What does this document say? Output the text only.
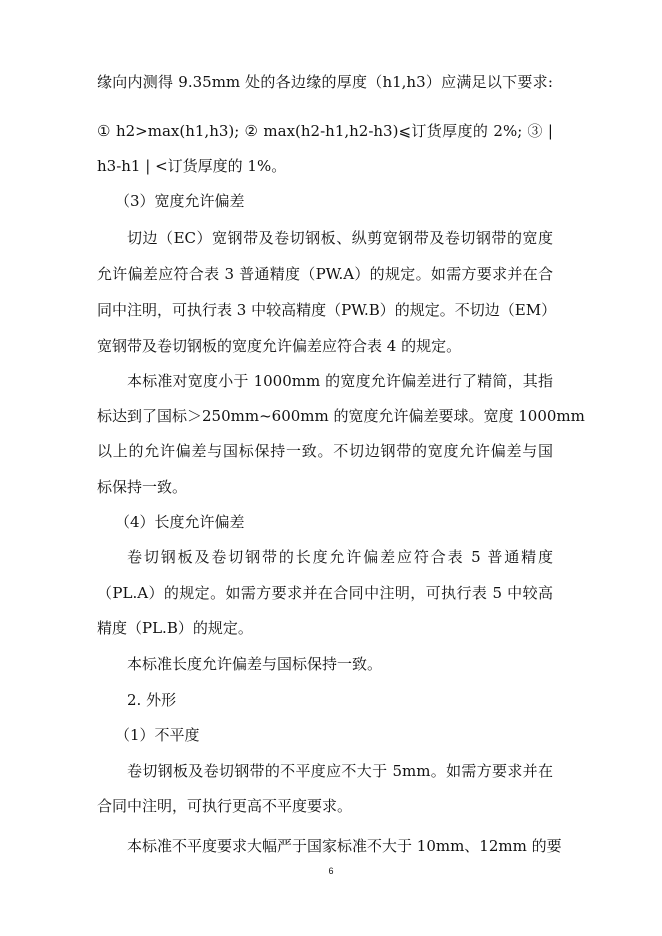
缘向内测得 9.35mm 处的各边缘的厚度（h1,h3）应满足以下要求:
① h2>max(h1,h3); ② max(h2-h1,h2-h3)⩽订货厚度的 2%; ③ |
h3-h1 | <订货厚度的 1%。
（3）宽度允许偏差
切边（EC）宽钢带及卷切钢板、纵剪宽钢带及卷切钢带的宽度
允许偏差应符合表 3 普通精度（PW.A）的规定。如需方要求并在合
同中注明，可执行表 3 中较高精度（PW.B）的规定。不切边（EM）
宽钢带及卷切钢板的宽度允许偏差应符合表 4 的规定。
本标准对宽度小于 1000mm 的宽度允许偏差进行了精简，其指
标达到了国标＞250mm~600mm 的宽度允许偏差要球。宽度 1000mm
以上的允许偏差与国标保持一致。不切边钢带的宽度允许偏差与国
标保持一致。
（4）长度允许偏差
卷切钢板及卷切钢带的长度允许偏差应符合表 5 普通精度
（PL.A）的规定。如需方要求并在合同中注明，可执行表 5 中较高
精度（PL.B）的规定。
本标准长度允许偏差与国标保持一致。
2. 外形
（1）不平度
卷切钢板及卷切钢带的不平度应不大于 5mm。如需方要求并在
合同中注明，可执行更高不平度要求。
本标准不平度要求大幅严于国家标准不大于 10mm、12mm 的要
6
